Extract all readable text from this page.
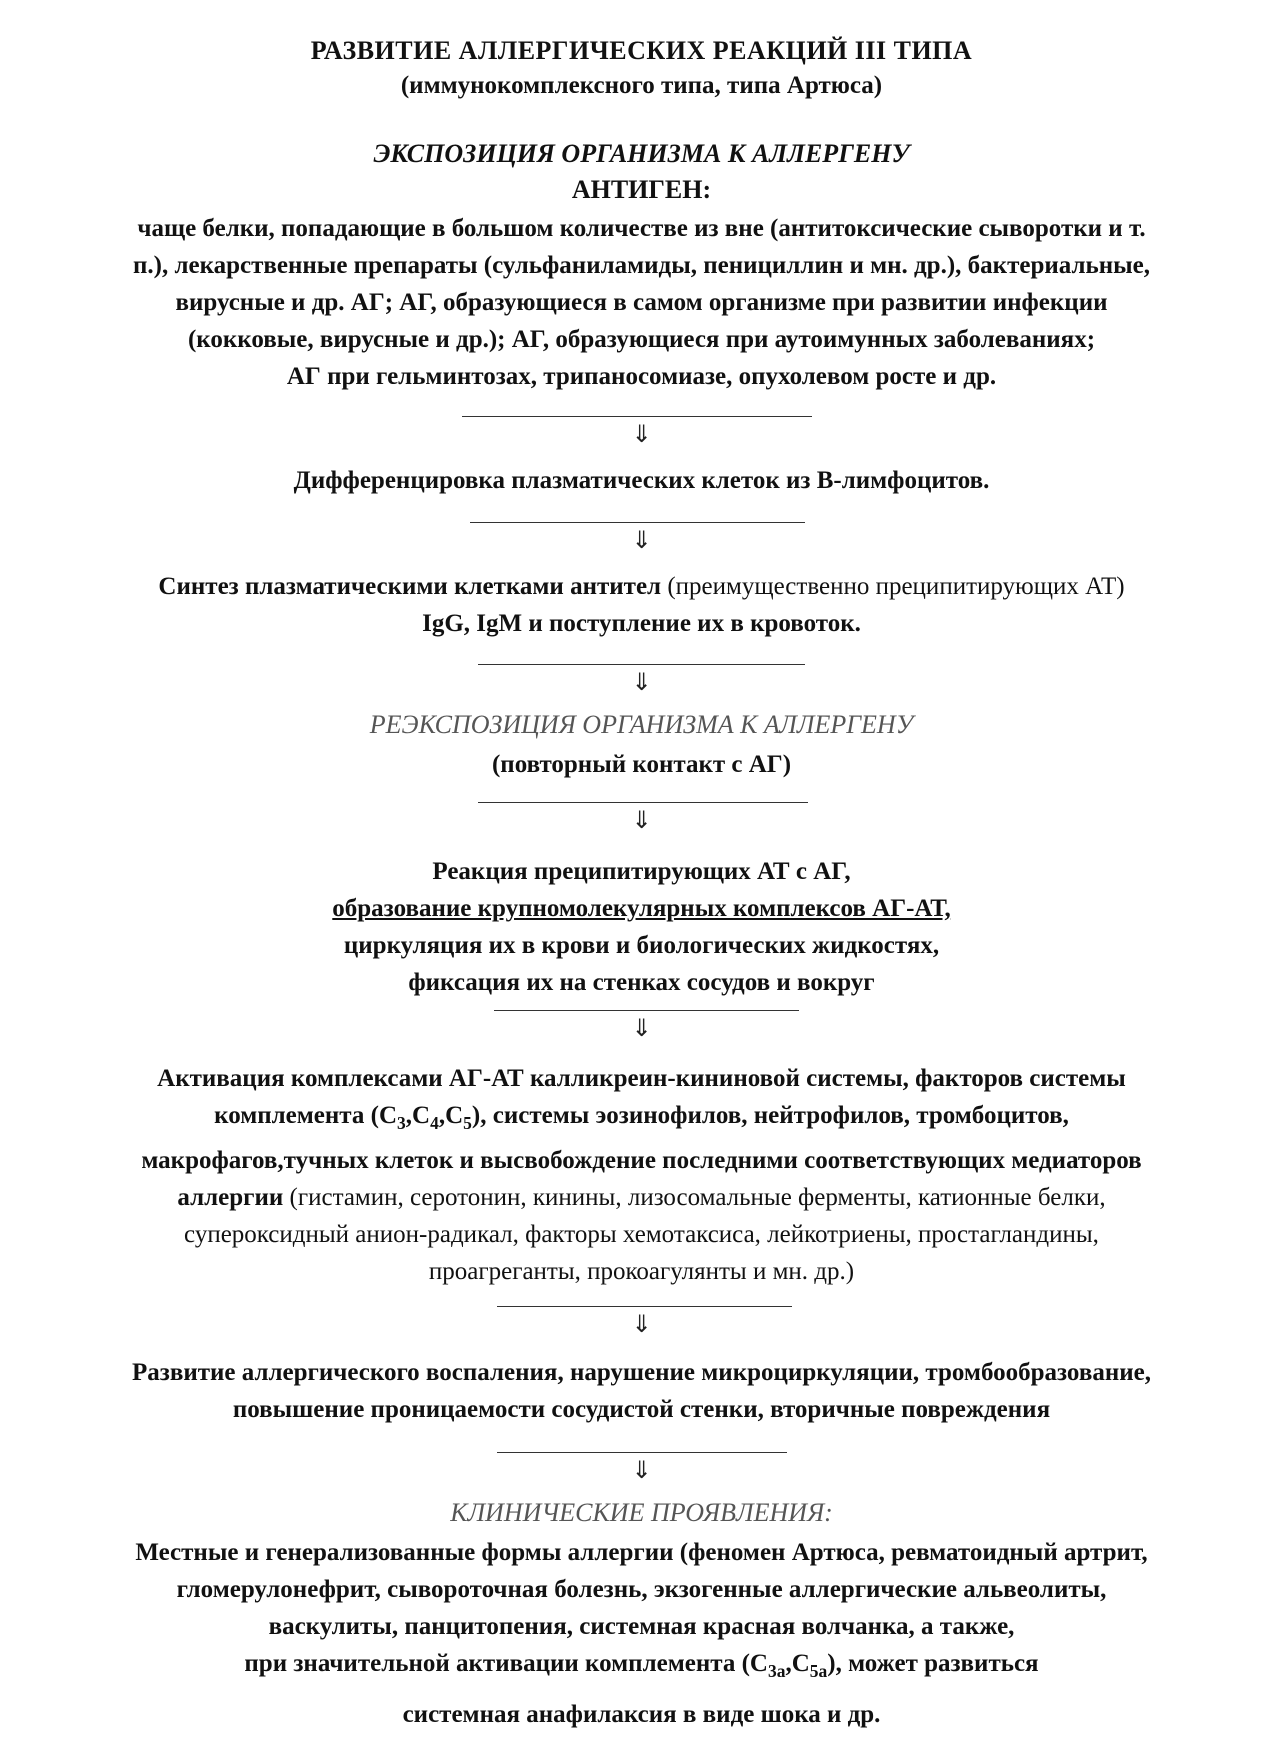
РАЗВИТИЕ АЛЛЕРГИЧЕСКИХ РЕАКЦИЙ III ТИПА
(иммунокомплексного типа, типа Артюса)
ЭКСПОЗИЦИЯ ОРГАНИЗМА К АЛЛЕРГЕНУ
АНТИГЕН:
чаще белки, попадающие в большом количестве из вне (антитоксические сыворотки и т.
п.), лекарственные препараты (сульфаниламиды, пенициллин и мн. др.), бактериальные,
вирусные и др. АГ; АГ, образующиеся в самом организме при развитии инфекции
(кокковые, вирусные и др.); АГ, образующиеся при аутоимунных заболеваниях;
АГ при гельминтозах, трипаносомиазе, опухолевом росте и др.
⇓
Дифференцировка плазматических клеток из В-лимфоцитов.
⇓
Синтез плазматическими клетками антител (преимущественно преципитирующих АТ)
IgG, IgM и поступление их в кровоток.
⇓
РЕЭКСПОЗИЦИЯ ОРГАНИЗМА К АЛЛЕРГЕНУ
(повторный контакт с АГ)
⇓
Реакция преципитирующих АТ с АГ,
образование крупномолекулярных комплексов АГ-АТ,
циркуляция их в крови и биологических жидкостях,
фиксация их на стенках сосудов и вокруг
⇓
Активация комплексами АГ-АТ калликреин-кининовой системы, факторов системы
комплемента $(С_3,С_4,С_5)$, системы эозинофилов, нейтрофилов, тромбоцитов,
макрофагов,тучных клеток и высвобождение последними соответствующих медиаторов
аллергии (гистамин, серотонин, кинины, лизосомальные ферменты, катионные белки,
супероксидный анион-радикал, факторы хемотаксиса, лейкотриены, простагландины,
проагреганты, прокоагулянты и мн. др.)
⇓
Развитие аллергического воспаления, нарушение микроциркуляции, тромбообразование,
повышение проницаемости сосудистой стенки, вторичные повреждения
⇓
КЛИНИЧЕСКИЕ ПРОЯВЛЕНИЯ:
Местные и генерализованные формы аллергии (феномен Артюса, ревматоидный артрит,
гломерулонефрит, сывороточная болезнь, экзогенные аллергические альвеолиты,
васкулиты, панцитопения, системная красная волчанка, а также,
при значительной активации комплемента $(С_{3а},С_{5а})$, может развиться
системная анафилаксия в виде шока и др.
